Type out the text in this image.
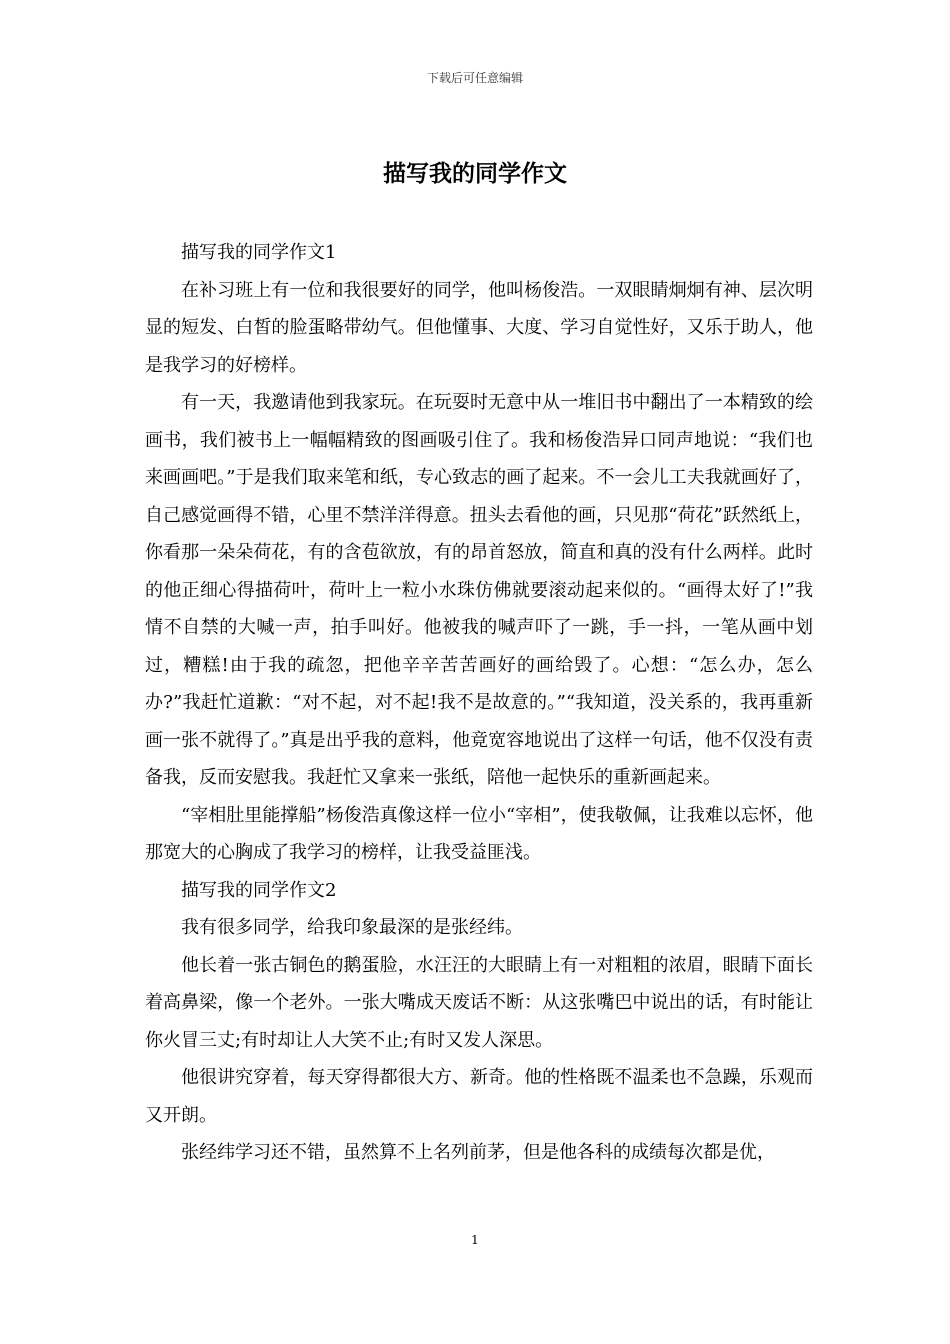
下载后可任意编辑
描写我的同学作文

描写我的同学作文1

在补习班上有一位和我很要好的同学，他叫杨俊浩。一双眼睛炯炯有神、层次明显的短发、白皙的脸蛋略带幼气。但他懂事、大度、学习自觉性好，又乐于助人，他是我学习的好榜样。

有一天，我邀请他到我家玩。在玩耍时无意中从一堆旧书中翻出了一本精致的绘画书，我们被书上一幅幅精致的图画吸引住了。我和杨俊浩异口同声地说：“我们也来画画吧。”于是我们取来笔和纸，专心致志的画了起来。不一会儿工夫我就画好了，自己感觉画得不错，心里不禁洋洋得意。扭头去看他的画，只见那“荷花”跃然纸上，你看那一朵朵荷花，有的含苞欲放，有的昂首怒放，简直和真的没有什么两样。此时的他正细心得描荷叶，荷叶上一粒小水珠仿佛就要滚动起来似的。“画得太好了!”我情不自禁的大喊一声，拍手叫好。他被我的喊声吓了一跳，手一抖，一笔从画中划过，糟糕!由于我的疏忽，把他辛辛苦苦画好的画给毁了。心想：“怎么办，怎么办?”我赶忙道歉：“对不起，对不起!我不是故意的。”“我知道，没关系的，我再重新画一张不就得了。”真是出乎我的意料，他竟宽容地说出了这样一句话，他不仅没有责备我，反而安慰我。我赶忙又拿来一张纸，陪他一起快乐的重新画起来。

“宰相肚里能撑船”杨俊浩真像这样一位小“宰相”，使我敬佩，让我难以忘怀，他那宽大的心胸成了我学习的榜样，让我受益匪浅。

描写我的同学作文2

我有很多同学，给我印象最深的是张经纬。

他长着一张古铜色的鹅蛋脸，水汪汪的大眼睛上有一对粗粗的浓眉，眼睛下面长着高鼻梁，像一个老外。一张大嘴成天废话不断：从这张嘴巴中说出的话，有时能让你火冒三丈;有时却让人大笑不止;有时又发人深思。

他很讲究穿着，每天穿得都很大方、新奇。他的性格既不温柔也不急躁，乐观而又开朗。

张经纬学习还不错，虽然算不上名列前茅，但是他各科的成绩每次都是优，

1
